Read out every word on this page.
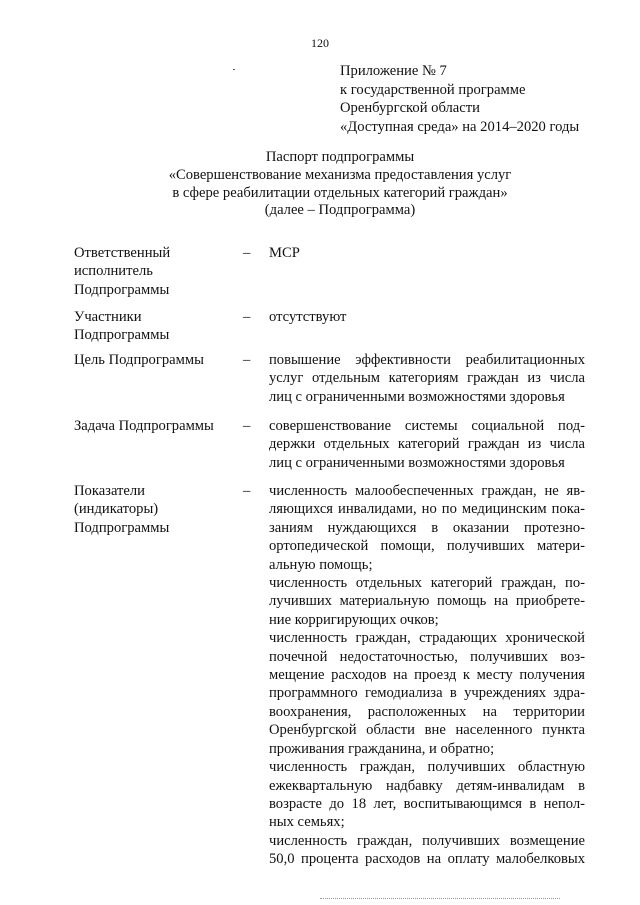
120
Приложение № 7
к государственной программе
Оренбургской области
«Доступная среда» на 2014–2020 годы
Паспорт подпрограммы
«Совершенствование механизма предоставления услуг
в сфере реабилитации отдельных категорий граждан»
(далее – Подпрограмма)
Ответственный
исполнитель
Подпрограммы
– МСР
Участники
Подпрограммы
– отсутствуют
Цель Подпрограммы	– повышение эффективности реабилитационных
услуг отдельным категориям граждан из числа
лиц с ограниченными возможностями здоровья
Задача Подпрограммы	– совершенствование системы социальной под-
держки отдельных категорий граждан из числа
лиц с ограниченными возможностями здоровья
Показатели
(индикаторы)
Подпрограммы
– численность малообеспеченных граждан, не яв-
ляющихся инвалидами, но по медицинским пока-
заниям нуждающихся в оказании протезно-
ортопедической помощи, получивших матери-
альную помощь;
численность отдельных категорий граждан, по-
лучивших материальную помощь на приобрете-
ние корригирующих очков;
численность граждан, страдающих хронической
почечной недостаточностью, получивших воз-
мещение расходов на проезд к месту получения
программного гемодиализа в учреждениях здра-
воохранения, расположенных на территории
Оренбургской области вне населенного пункта
проживания гражданина, и обратно;
численность граждан, получивших областную
ежеквартальную надбавку детям-инвалидам в
возрасте до 18 лет, воспитывающимся в непол-
ных семьях;
численность граждан, получивших возмещение
50,0 процента расходов на оплату малобелковых
